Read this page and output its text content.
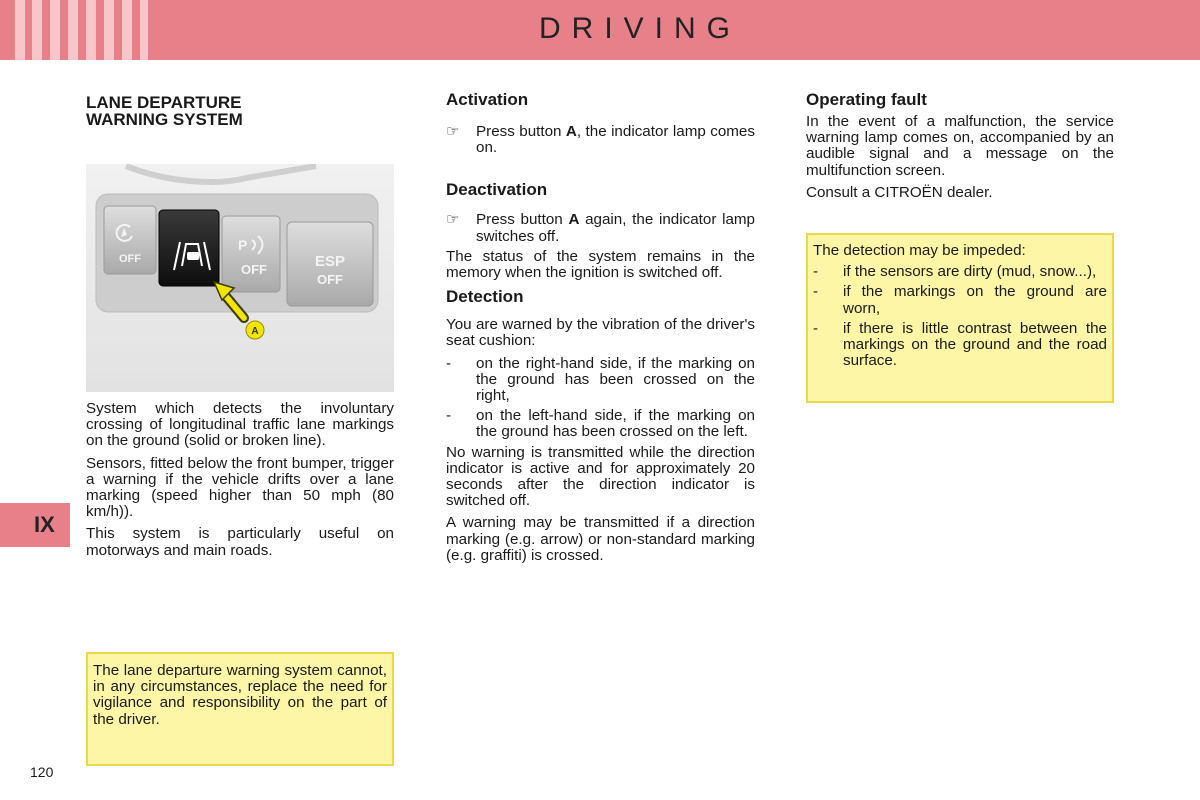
DRIVING
IX
120
LANE DEPARTURE WARNING SYSTEM
P
OFF
OFF	ESP
OFF
A

System which detects the involuntary crossing of longitudinal traffic lane markings on the ground (solid or broken line).

Sensors, fitted below the front bumper, trigger a warning if the vehicle drifts over a lane marking (speed higher than 50 mph (80 km/h)).

This system is particularly useful on motorways and main roads.

The lane departure warning system cannot, in any circumstances, replace the need for vigilance and responsibility on the part of the driver.

Activation
☞ Press button A, the indicator lamp comes on.
Deactivation
☞ Press button A again, the indicator lamp switches off.

The status of the system remains in the memory when the ignition is switched off.

Detection

You are warned by the vibration of the driver's seat cushion:

- on the right-hand side, if the marking on the ground has been crossed on the right,
- on the left-hand side, if the marking on the ground has been crossed on the left.

No warning is transmitted while the direction indicator is active and for approximately 20 seconds after the direction indicator is switched off.

A warning may be transmitted if a direction marking (e.g. arrow) or non-standard marking (e.g. graffiti) is crossed.

Operating fault

In the event of a malfunction, the service warning lamp comes on, accompanied by an audible signal and a message on the multifunction screen.

Consult a CITROËN dealer.

The detection may be impeded:

- if the sensors are dirty (mud, snow...),
- if the markings on the ground are worn,
- if there is little contrast between the markings on the ground and the road surface.
